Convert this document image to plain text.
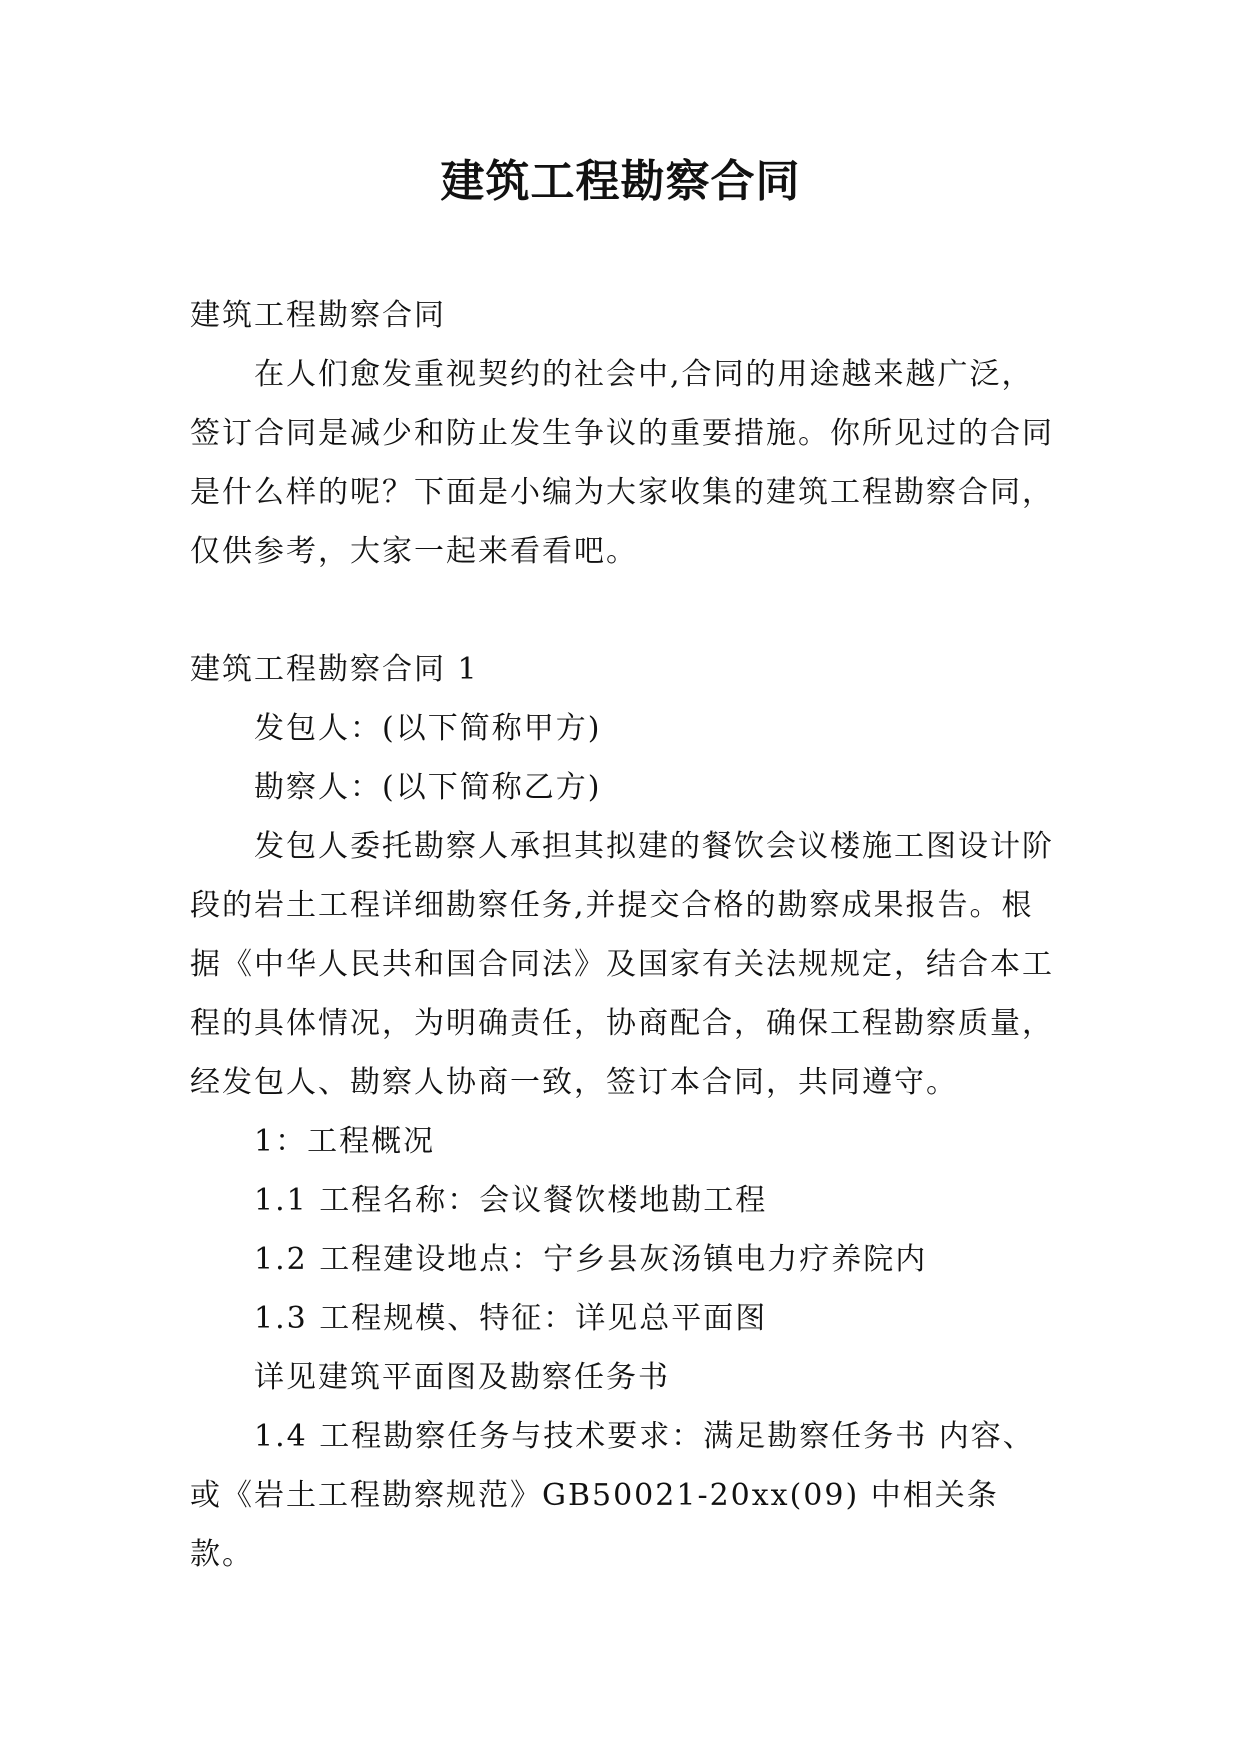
建筑工程勘察合同

建筑工程勘察合同

在人们愈发重视契约的社会中,合同的用途越来越广泛，签订合同是减少和防止发生争议的重要措施。你所见过的合同是什么样的呢？下面是小编为大家收集的建筑工程勘察合同，仅供参考，大家一起来看看吧。

建筑工程勘察合同 1

发包人：(以下简称甲方)

勘察人：(以下简称乙方)

发包人委托勘察人承担其拟建的餐饮会议楼施工图设计阶段的岩土工程详细勘察任务,并提交合格的勘察成果报告。根据《中华人民共和国合同法》及国家有关法规规定，结合本工程的具体情况，为明确责任，协商配合，确保工程勘察质量，经发包人、勘察人协商一致，签订本合同，共同遵守。

1：工程概况

1.1 工程名称：会议餐饮楼地勘工程

1.2 工程建设地点：宁乡县灰汤镇电力疗养院内

1.3 工程规模、特征：详见总平面图

详见建筑平面图及勘察任务书

1.4 工程勘察任务与技术要求：满足勘察任务书 内容、或《岩土工程勘察规范》GB50021-20xx(09) 中相关条款。
